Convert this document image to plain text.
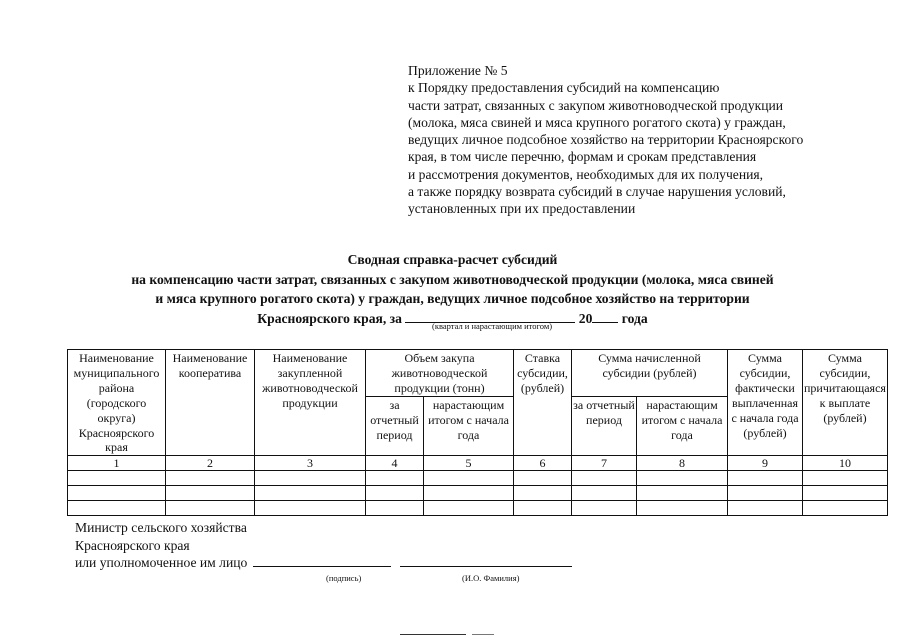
Приложение № 5
к Порядку предоставления субсидий на компенсацию
части затрат, связанных с закупом животноводческой продукции
(молока, мяса свиней и мяса крупного рогатого скота) у граждан,
ведущих личное подсобное хозяйство на территории Красноярского
края, в том числе перечню, формам и срокам представления
и рассмотрения документов, необходимых для их получения,
а также порядку возврата субсидий в случае нарушения условий,
установленных при их предоставлении
Сводная справка-расчет субсидий
на компенсацию части затрат, связанных с закупом животноводческой продукции (молока, мяса свиней
и мяса крупного рогатого скота) у граждан, ведущих личное подсобное хозяйство на территории
Красноярского края, за	20 года
(квартал и нарастающим итогом)
Наименование муниципального района (городского округа) Красноярского края	Наименование кооператива	Наименование закупленной животноводческой продукции	Объем закупа животноводческой продукции (тонн)		Ставка субсидии, (рублей)	Сумма начисленной субсидии (рублей)		Сумма субсидии, фактически выплаченная с начала года (рублей)	Сумма субсидии, причитающаяся к выплате (рублей)
			за отчетный период	нарастающим итогом с начала года		за отчетный период	нарастающим итогом с начала года		
1	2	3	4	5	6	7	8	9	10

Министр сельского хозяйства
Красноярского края
или уполномоченное им лицо
(подпись)	(И.О. Фамилия)
